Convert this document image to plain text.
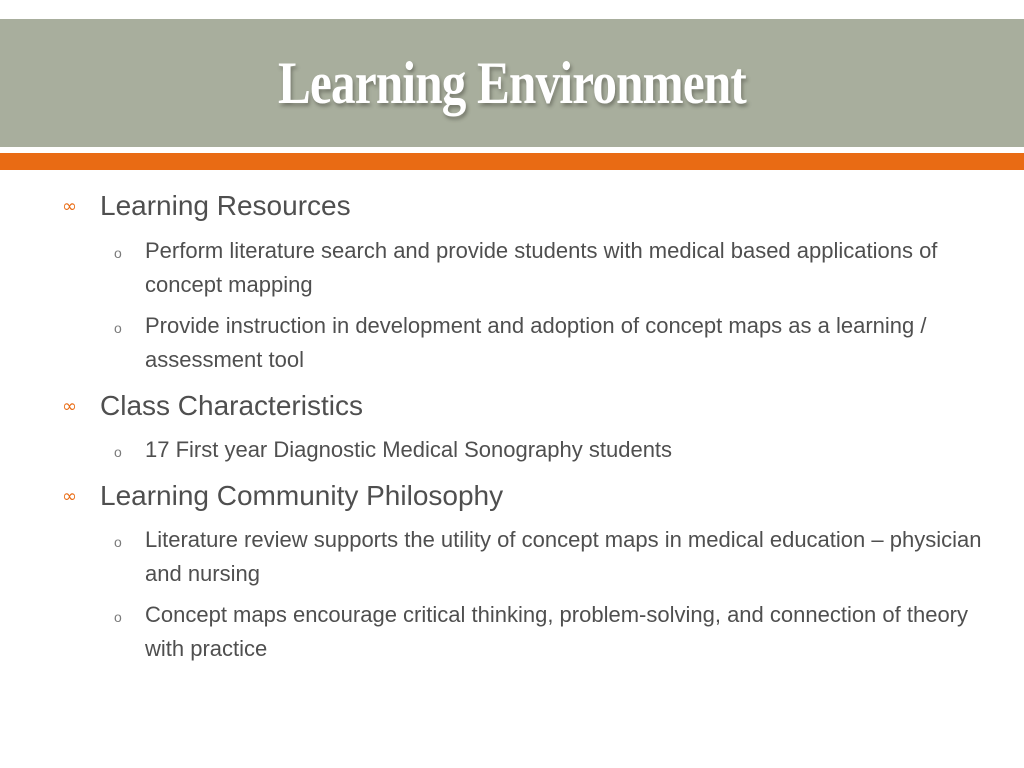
Learning Environment
∞ Learning Resources
o Perform literature search and provide students with medical based applications of concept mapping
o Provide instruction in development and adoption of concept maps as a learning / assessment tool
∞ Class Characteristics
o 17 First year Diagnostic Medical Sonography students
∞ Learning Community Philosophy
o Literature review supports the utility of concept maps in medical education – physician and nursing
o Concept maps encourage critical thinking, problem-solving, and connection of theory with practice
